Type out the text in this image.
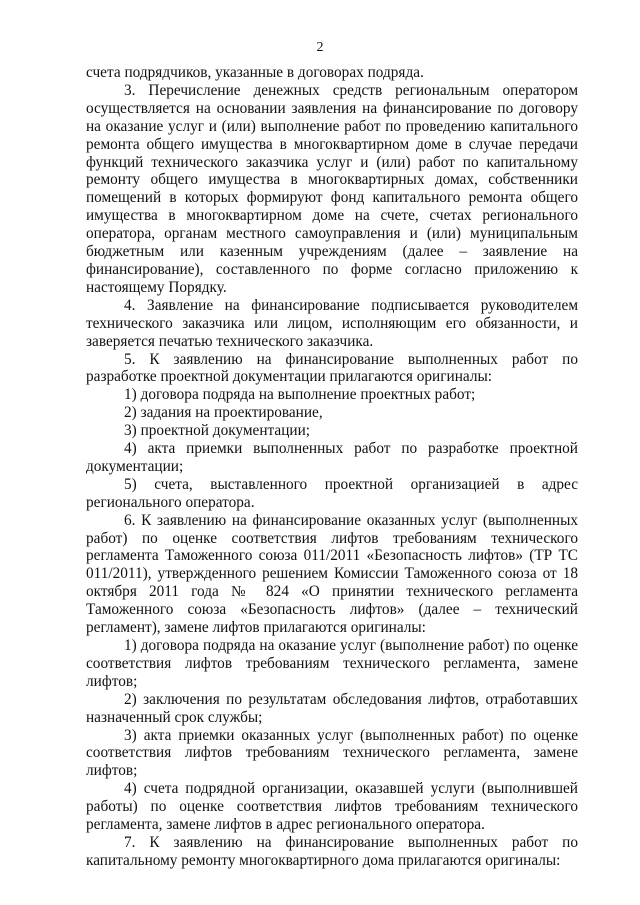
2

счета подрядчиков, указанные в договорах подряда.

3. Перечисление денежных средств региональным оператором осуществляется на основании заявления на финансирование по договору на оказание услуг и (или) выполнение работ по проведению капитального ремонта общего имущества в многоквартирном доме в случае передачи функций технического заказчика услуг и (или) работ по капитальному ремонту общего имущества в многоквартирных домах, собственники помещений в которых формируют фонд капитального ремонта общего имущества в многоквартирном доме на счете, счетах регионального оператора, органам местного самоуправления и (или) муниципальным бюджетным или казенным учреждениям (далее – заявление на финансирование), составленного по форме согласно приложению к настоящему Порядку.

4. Заявление на финансирование подписывается руководителем технического заказчика или лицом, исполняющим его обязанности, и заверяется печатью технического заказчика.

5. К заявлению на финансирование выполненных работ по разработке проектной документации прилагаются оригиналы:

1) договора подряда на выполнение проектных работ;

2) задания на проектирование,

3) проектной документации;

4) акта приемки выполненных работ по разработке проектной документации;

5) счета, выставленного проектной организацией в адрес регионального оператора.

6. К заявлению на финансирование оказанных услуг (выполненных работ) по оценке соответствия лифтов требованиям технического регламента Таможенного союза 011/2011 «Безопасность лифтов» (ТР ТС 011/2011), утвержденного решением Комиссии Таможенного союза от 18 октября 2011 года № 824 «О принятии технического регламента Таможенного союза «Безопасность лифтов» (далее – технический регламент), замене лифтов прилагаются оригиналы:

1) договора подряда на оказание услуг (выполнение работ) по оценке соответствия лифтов требованиям технического регламента, замене лифтов;

2) заключения по результатам обследования лифтов, отработавших назначенный срок службы;

3) акта приемки оказанных услуг (выполненных работ) по оценке соответствия лифтов требованиям технического регламента, замене лифтов;

4) счета подрядной организации, оказавшей услуги (выполнившей работы) по оценке соответствия лифтов требованиям технического регламента, замене лифтов в адрес регионального оператора.

7. К заявлению на финансирование выполненных работ по капитальному ремонту многоквартирного дома прилагаются оригиналы:
